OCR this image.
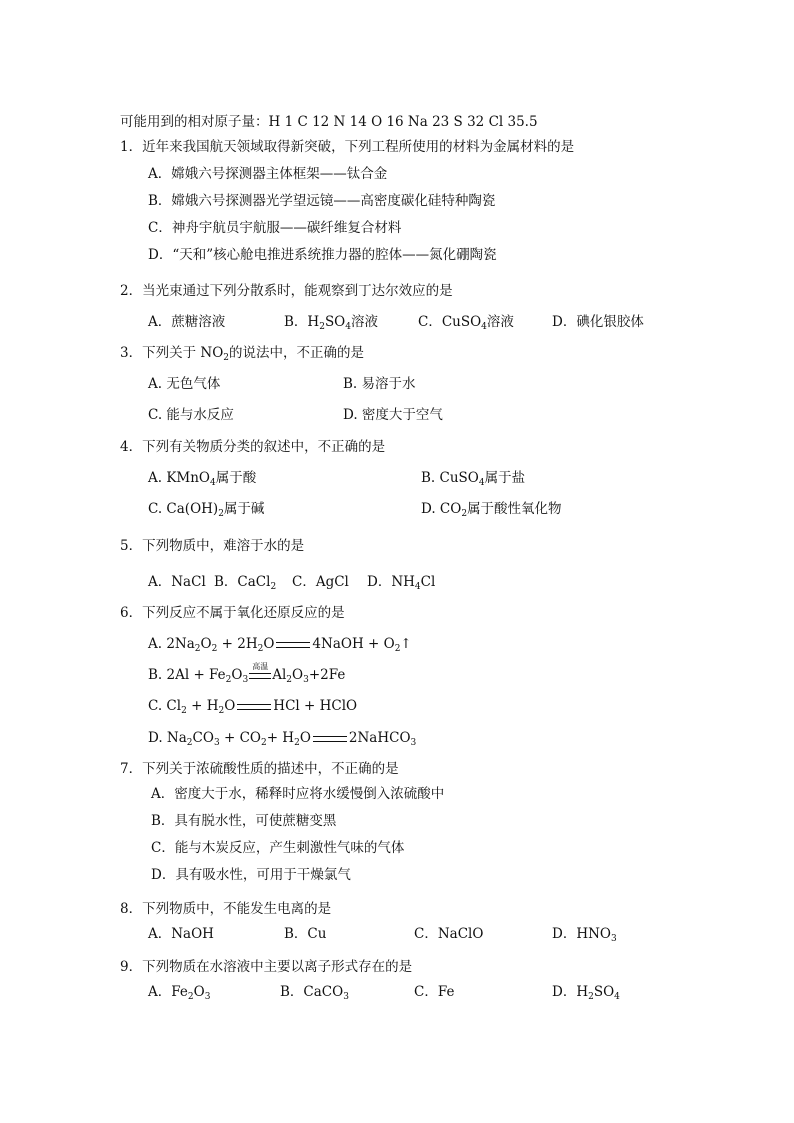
可能用到的相对原子量：H 1 C 12 N 14 O 16 Na 23 S 32 Cl 35.5
1．近年来我国航天领域取得新突破，下列工程所使用的材料为金属材料的是
A．嫦娥六号探测器主体框架——钛合金
B．嫦娥六号探测器光学望远镜——高密度碳化硅特种陶瓷
C．神舟宇航员宇航服——碳纤维复合材料
D．“天和”核心舱电推进系统推力器的腔体——氮化硼陶瓷
2．当光束通过下列分散系时，能观察到丁达尔效应的是
A．蔗糖溶液	B．$H_2SO_4$溶液	C．CuSO$_4$溶液	D．碘化银胶体
3．下列关于 $NO_2$的说法中，不正确的是
A. 无色气体	B. 易溶于水
C. 能与水反应	D. 密度大于空气
4．下列有关物质分类的叙述中，不正确的是
A. KMnO$_4$属于酸	B. CuSO$_4$属于盐
C. $Ca(OH)_2$属于碱	D. $CO_2$属于酸性氧化物
5．下列物质中，难溶于水的是
A．NaCl B．CaCl$_2$ C．AgCl D．$NH_4Cl$
6．下列反应不属于氧化还原反应的是
A. $2Na_2O_2 + 2H_2O$	4NaOH + $O_2↑$
B. $2Al + Fe_2O_3$
高温
$Al_2O_3+2Fe$
C. $Cl_2 + H_2O$	HCl + HClO
D. $Na_2CO_3 + CO_2+ H_2O$	2NaHCO$_3$
7．下列关于浓硫酸性质的描述中，不正确的是
A．密度大于水，稀释时应将水缓慢倒入浓硫酸中
B．具有脱水性，可使蔗糖变黑
C．能与木炭反应，产生刺激性气味的气体
D．具有吸水性，可用于干燥氯气
8．下列物质中，不能发生电离的是
A．NaOH	B．Cu	C．NaClO	D．$HNO_3$
9．下列物质在水溶液中主要以离子形式存在的是
A．$Fe_2O_3$	B．CaCO$_3$	C．Fe	D．$H_2SO_4$
